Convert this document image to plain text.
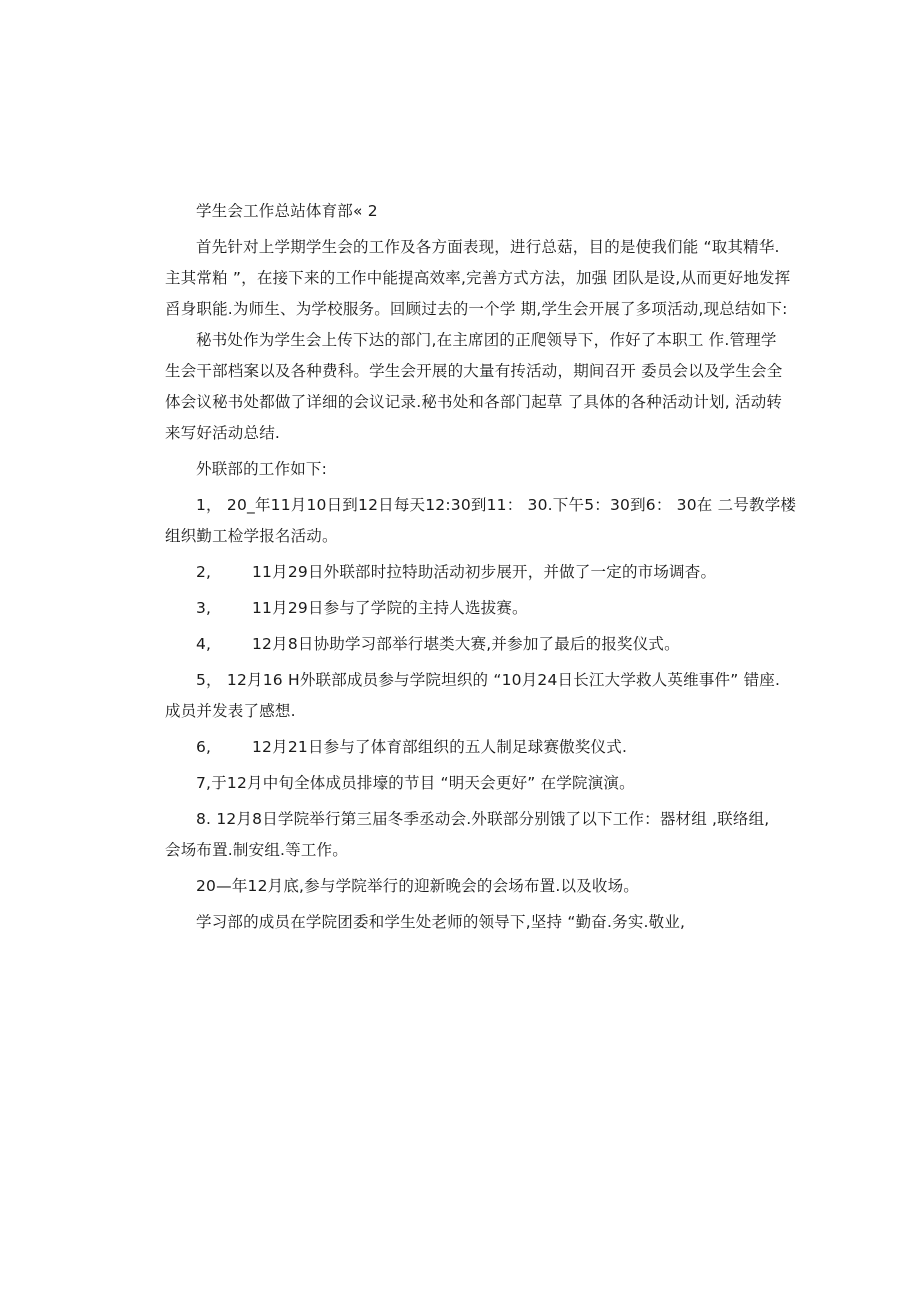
学生会工作总站体育部« 2
首先针对上学期学生会的工作及各方面表现，进行总菇，目的是使我们能 “取其精华.
主其常粕 ”，在接下来的工作中能提高效率,完善方式方法，加强 团队是设,从而更好地发挥
舀身职能.为师生、为学校服务。回顾过去的一个学 期,学生会开展了多项活动,现总结如下:
秘书处作为学生会上传下达的部门,在主席团的正爬领导下，作好了本职工 作.管理学
生会干部档案以及各种费科。学生会开展的大量有抟活动，期间召开 委员会以及学生会全
体会议秘书处都做了详细的会议记录.秘书处和各部门起草 了具体的各种活动计划, 活动转
来写好活动总结.
外联部的工作如下:
1， 20_年11月10日到12日每天12:30到11： 30.下午5：30到6： 30在 二号教学楼
组织勤工检学报名活动。
2,	11月29日外联部时拉特助活动初步展开，并做了一定的市场调杳。
3,	11月29日参与了学院的主持人选拔赛。
4,	12月8日协助学习部举行堪类大赛,并参加了最后的报奖仪式。
5， 12月16 H外联部成员参与学院坦织的 “10月24日长江大学救人英维事件” 错座.
成员并发表了感想.
6,	12月21日参与了体育部组织的五人制足球赛傲奖仪式.
7,于12月中旬全体成员排壕的节目 “明天会更好” 在学院演演。
8. 12月8日学院举行第三届冬季丞动会.外联部分别饿了以下工作：器材组 ,联络组,
会场布置.制安组.等工作。
20—年12月底,参与学院举行的迎新晚会的会场布置.以及收场。
学习部的成员在学院团委和学生处老师的领导下,坚持 “勤奋.务实.敬业,
